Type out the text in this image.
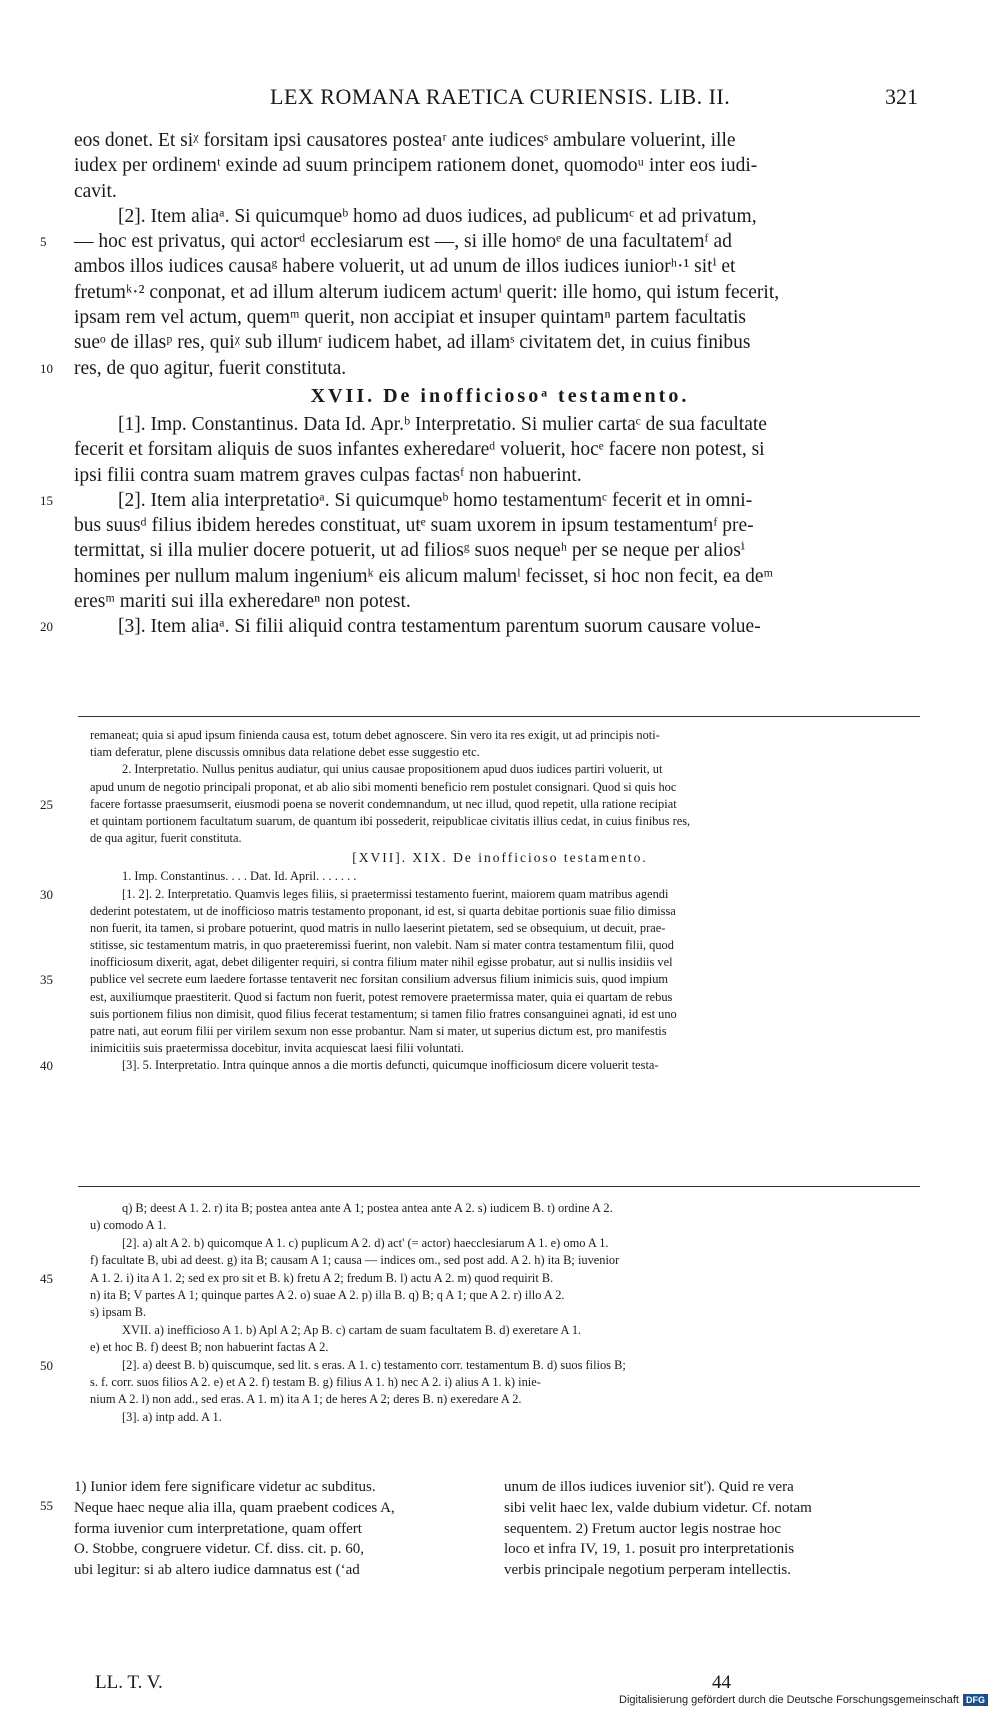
LEX ROMANA RAETICA CURIENSIS. LIB. II.	321
eos donet. Et siᵡ forsitam ipsi causatores posteaʳ ante iudicesˢ ambulare voluerint, ille
iudex per ordinemᵗ exinde ad suum principem rationem donet, quomodoᵘ inter eos iudi-
cavit.
[2]. Item aliaᵃ. Si quicumqueᵇ homo ad duos iudices, ad publicumᶜ et ad privatum,
5 — hoc est privatus, qui actorᵈ ecclesiarum est —, si ille homoᵉ de una facultatemᶠ ad
ambos illos iudices causaᵍ habere voluerit, ut ad unum de illos iudices iuniorʰ·¹ sitⁱ et
fretumᵏ·² conponat, et ad illum alterum iudicem actumˡ querit: ille homo, qui istum fecerit,
ipsam rem vel actum, quemᵐ querit, non accipiat et insuper quintamⁿ partem facultatis
sueᵒ de illasᵖ res, quiᵡ sub illumʳ iudicem habet, ad illamˢ civitatem det, in cuius finibus
10 res, de quo agitur, fuerit constituta.
XVII. De inofficiosoᵃ testamento.
[1]. Imp. Constantinus. Data Id. Apr.ᵇ Interpretatio. Si mulier cartaᶜ de sua facultate
fecerit et forsitam aliquis de suos infantes exheredareᵈ voluerit, hocᵉ facere non potest, si
ipsi filii contra suam matrem graves culpas factasᶠ non habuerint.
15	[2]. Item alia interpretatioᵃ. Si quicumqueᵇ homo testamentumᶜ fecerit et in omni-
bus suusᵈ filius ibidem heredes constituat, utᵉ suam uxorem in ipsum testamentumᶠ pre-
termittat, si illa mulier docere potuerit, ut ad filiosᵍ suos nequeʰ per se neque per aliosⁱ
homines per nullum malum ingeniumᵏ eis alicum malumˡ fecisset, si hoc non fecit, ea deᵐ
eresᵐ mariti sui illa exheredareⁿ non potest.
20	[3]. Item aliaᵃ. Si filii aliquid contra testamentum parentum suorum causare volue-
remaneat; quia si apud ipsum finienda causa est, totum debet agnoscere. Sin vero ita res exigit, ut ad principis noti-
tiam deferatur, plene discussis omnibus data relatione debet esse suggestio etc.
2. Interpretatio. Nullus penitus audiatur, qui unius causae propositionem apud duos iudices partiri voluerit, ut
apud unum de negotio principali proponat, et ab alio sibi momenti beneficio rem postulet consignari. Quod si quis hoc
25	facere fortasse praesumserit, eiusmodi poena se noverit condemnandum, ut nec illud, quod repetit, ulla ratione recipiat
et quintam portionem facultatum suarum, de quantum ibi possederit, reipublicae civitatis illius cedat, in cuius finibus res,
de qua agitur, fuerit constituta.
[XVII]. XIX. De inofficioso testamento.
1. Imp. Constantinus. . . . Dat. Id. April. . . . . . .
30	[1. 2]. 2. Interpretatio. Quamvis leges filiis, si praetermissi testamento fuerint, maiorem quam matribus agendi
dederint potestatem, ut de inofficioso matris testamento proponant, id est, si quarta debitae portionis suae filio dimissa
non fuerit, ita tamen, si probare potuerint, quod matris in nullo laeserint pietatem, sed se obsequium, ut decuit, prae-
stitisse, sic testamentum matris, in quo praeteremissi fuerint, non valebit. Nam si mater contra testamentum filii, quod
inofficiosum dixerit, agat, debet diligenter requiri, si contra filium mater nihil egisse probatur, aut si nullis insidiis vel
35	publice vel secrete eum laedere fortasse tentaverit nec forsitan consilium adversus filium inimicis suis, quod impium
est, auxiliumque praestiterit. Quod si factum non fuerit, potest removere praetermissa mater, quia ei quartam de rebus
suis portionem filius non dimisit, quod filius fecerat testamentum; si tamen filio fratres consanguinei agnati, id est uno
patre nati, aut eorum filii per virilem sexum non esse probantur. Nam si mater, ut superius dictum est, pro manifestis
inimicitiis suis praetermissa docebitur, invita acquiescat laesi filii voluntati.
40	[3]. 5. Interpretatio. Intra quinque annos a die mortis defuncti, quicumque inofficiosum dicere voluerit testa-
q) B; deest A 1. 2. r) ita B; postea antea ante A 1; postea antea ante A 2. s) iudicem B. t) ordine A 2.
u) comodo A 1.
[2]. a) alt A 2. b) quicomque A 1. c) puplicum A 2. d) act' (= actor) haecclesiarum A 1. e) omo A 1.
f) facultate B, ubi ad deest. g) ita B; causam A 1; causa — indices om., sed post add. A 2. h) ita B; iuvenior
45	A 1. 2. i) ita A 1. 2; sed ex pro sit et B. k) fretu A 2; fredum B. l) actu A 2. m) quod requirit B.
n) ita B; V partes A 1; quinque partes A 2. o) suae A 2. p) illa B. q) B; q A 1; que A 2. r) illo A 2.
s) ipsam B.
XVII. a) inefficioso A 1. b) Apl A 2; Ap B. c) cartam de suam facultatem B. d) exeretare A 1.
e) et hoc B. f) deest B; non habuerint factas A 2.
50	[2]. a) deest B. b) quiscumque, sed lit. s eras. A 1. c) testamento corr. testamentum B. d) suos filios B;
s. f. corr. suos filios A 2. e) et A 2. f) testam B. g) filius A 1. h) nec A 2. i) alius A 1. k) inie-
nium A 2. l) non add., sed eras. A 1. m) ita A 1; de heres A 2; deres B. n) exeredare A 2.
[3]. a) intp add. A 1.
55
1) Iunior idem fere significare videtur ac subditus.
Neque haec neque alia illa, quam praebent codices A,
forma iuvenior cum interpretatione, quam offert
O. Stobbe, congruere videtur. Cf. diss. cit. p. 60,
ubi legitur: si ab altero iudice damnatus est (‘ad
unum de illos iudices iuvenior sit'). Quid re vera
sibi velit haec lex, valde dubium videtur. Cf. notam
sequentem. 2) Fretum auctor legis nostrae hoc
loco et infra IV, 19, 1. posuit pro interpretationis
verbis principale negotium perperam intellectis.
LL. T. V.	44
Digitalisierung gefördert durch die Deutsche Forschungsgemeinschaft DFG
